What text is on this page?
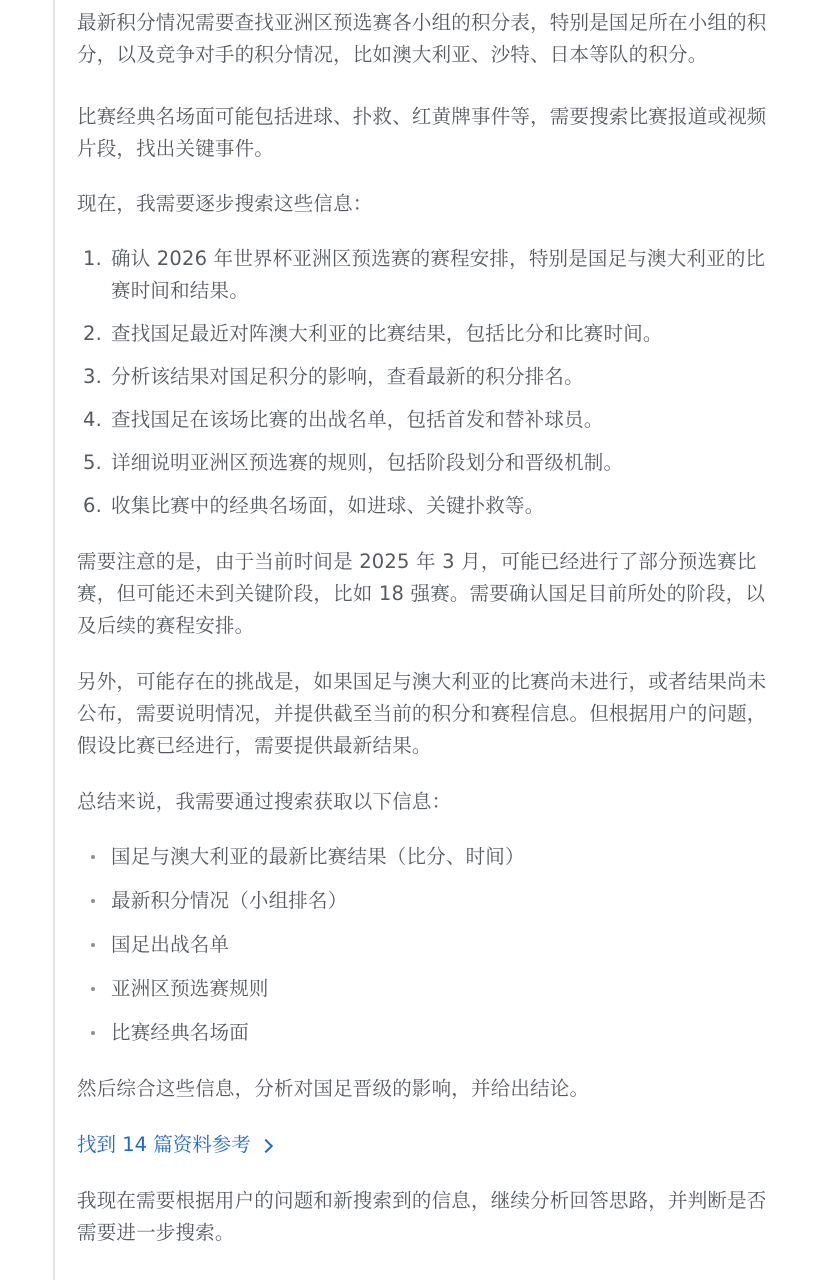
最新积分情况需要查找亚洲区预选赛各小组的积分表，特别是国足所在小组的积分，以及竞争对手的积分情况，比如澳大利亚、沙特、日本等队的积分。

比赛经典名场面可能包括进球、扑救、红黄牌事件等，需要搜索比赛报道或视频片段，找出关键事件。

现在，我需要逐步搜索这些信息：

1. 确认 2026 年世界杯亚洲区预选赛的赛程安排，特别是国足与澳大利亚的比赛时间和结果。
2. 查找国足最近对阵澳大利亚的比赛结果，包括比分和比赛时间。
3. 分析该结果对国足积分的影响，查看最新的积分排名。
4. 查找国足在该场比赛的出战名单，包括首发和替补球员。
5. 详细说明亚洲区预选赛的规则，包括阶段划分和晋级机制。
6. 收集比赛中的经典名场面，如进球、关键扑救等。

需要注意的是，由于当前时间是 2025 年 3 月，可能已经进行了部分预选赛比赛，但可能还未到关键阶段，比如 18 强赛。需要确认国足目前所处的阶段，以及后续的赛程安排。

另外，可能存在的挑战是，如果国足与澳大利亚的比赛尚未进行，或者结果尚未公布，需要说明情况，并提供截至当前的积分和赛程信息。但根据用户的问题，假设比赛已经进行，需要提供最新结果。

总结来说，我需要通过搜索获取以下信息：

国足与澳大利亚的最新比赛结果（比分、时间）
最新积分情况（小组排名）
国足出战名单
亚洲区预选赛规则
比赛经典名场面

然后综合这些信息，分析对国足晋级的影响，并给出结论。

找到 14 篇资料参考

我现在需要根据用户的问题和新搜索到的信息，继续分析回答思路，并判断是否需要进一步搜索。
